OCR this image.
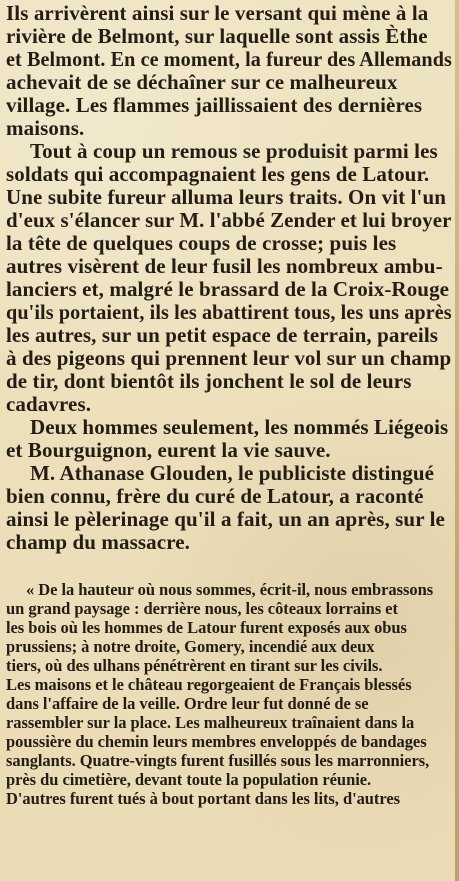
Ils arrivèrent ainsi sur le versant qui mène à la
rivière de Belmont, sur laquelle sont assis Èthe
et Belmont. En ce moment, la fureur des Allemands
achevait de se déchaîner sur ce malheureux
village. Les flammes jaillissaient des dernières
maisons.
Tout à coup un remous se produisit parmi les
soldats qui accompagnaient les gens de Latour.
Une subite fureur alluma leurs traits. On vit l'un
d'eux s'élancer sur M. l'abbé Zender et lui broyer
la tête de quelques coups de crosse; puis les
autres visèrent de leur fusil les nombreux ambu-
lanciers et, malgré le brassard de la Croix-Rouge
qu'ils portaient, ils les abattirent tous, les uns après
les autres, sur un petit espace de terrain, pareils
à des pigeons qui prennent leur vol sur un champ
de tir, dont bientôt ils jonchent le sol de leurs
cadavres.
Deux hommes seulement, les nommés Liégeois
et Bourguignon, eurent la vie sauve.
M. Athanase Glouden, le publiciste distingué
bien connu, frère du curé de Latour, a raconté
ainsi le pèlerinage qu'il a fait, un an après, sur le
champ du massacre.
« De la hauteur où nous sommes, écrit-il, nous embrassons
un grand paysage : derrière nous, les côteaux lorrains et
les bois où les hommes de Latour furent exposés aux obus
prussiens; à notre droite, Gomery, incendié aux deux
tiers, où des ulhans pénétrèrent en tirant sur les civils.
Les maisons et le château regorgeaient de Français blessés
dans l'affaire de la veille. Ordre leur fut donné de se
rassembler sur la place. Les malheureux traînaient dans la
poussière du chemin leurs membres enveloppés de bandages
sanglants. Quatre-vingts furent fusillés sous les marronniers,
près du cimetière, devant toute la population réunie.
D'autres furent tués à bout portant dans les lits, d'autres
